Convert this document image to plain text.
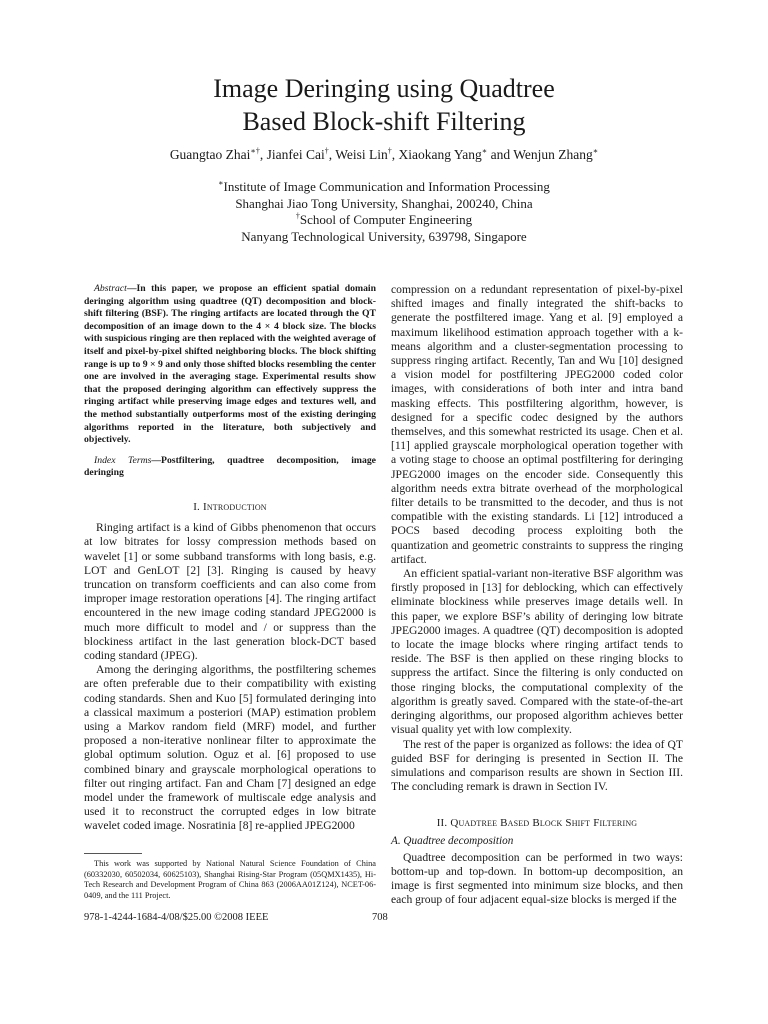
Image Deringing using Quadtree
Based Block-shift Filtering
Guangtao Zhai∗†, Jianfei Cai†, Weisi Lin†, Xiaokang Yang∗ and Wenjun Zhang∗
∗Institute of Image Communication and Information Processing
Shanghai Jiao Tong University, Shanghai, 200240, China
†School of Computer Engineering
Nanyang Technological University, 639798, Singapore

Abstract—In this paper, we propose an efficient spatial domain deringing algorithm using quadtree (QT) decomposition and block-shift filtering (BSF). The ringing artifacts are located through the QT decomposition of an image down to the 4 × 4 block size. The blocks with suspicious ringing are then replaced with the weighted average of itself and pixel-by-pixel shifted neighboring blocks. The block shifting range is up to 9 × 9 and only those shifted blocks resembling the center one are involved in the averaging stage. Experimental results show that the proposed deringing algorithm can effectively suppress the ringing artifact while preserving image edges and textures well, and the method substantially outperforms most of the existing deringing algorithms reported in the literature, both subjectively and objectively.

Index Terms—Postfiltering, quadtree decomposition, image deringing

I. Introduction

Ringing artifact is a kind of Gibbs phenomenon that occurs at low bitrates for lossy compression methods based on wavelet [1] or some subband transforms with long basis, e.g. LOT and GenLOT [2] [3]. Ringing is caused by heavy truncation on transform coefficients and can also come from improper image restoration operations [4]. The ringing artifact encountered in the new image coding standard JPEG2000 is much more difficult to model and / or suppress than the blockiness artifact in the last generation block-DCT based coding standard (JPEG).

Among the deringing algorithms, the postfiltering schemes are often preferable due to their compatibility with existing coding standards. Shen and Kuo [5] formulated deringing into a classical maximum a posteriori (MAP) estimation problem using a Markov random field (MRF) model, and further proposed a non-iterative nonlinear filter to approximate the global optimum solution. Oguz et al. [6] proposed to use combined binary and grayscale morphological operations to filter out ringing artifact. Fan and Cham [7] designed an edge model under the framework of multiscale edge analysis and used it to reconstruct the corrupted edges in low bitrate wavelet coded image. Nosratinia [8] re-applied JPEG2000

compression on a redundant representation of pixel-by-pixel shifted images and finally integrated the shift-backs to generate the postfiltered image. Yang et al. [9] employed a maximum likelihood estimation approach together with a k-means algorithm and a cluster-segmentation processing to suppress ringing artifact. Recently, Tan and Wu [10] designed a vision model for postfiltering JPEG2000 coded color images, with considerations of both inter and intra band masking effects. This postfiltering algorithm, however, is designed for a specific codec designed by the authors themselves, and this somewhat restricted its usage. Chen et al. [11] applied grayscale morphological operation together with a voting stage to choose an optimal postfiltering for deringing JPEG2000 images on the encoder side. Consequently this algorithm needs extra bitrate overhead of the morphological filter details to be transmitted to the decoder, and thus is not compatible with the existing standards. Li [12] introduced a POCS based decoding process exploiting both the quantization and geometric constraints to suppress the ringing artifact.

An efficient spatial-variant non-iterative BSF algorithm was firstly proposed in [13] for deblocking, which can effectively eliminate blockiness while preserves image details well. In this paper, we explore BSF’s ability of deringing low bitrate JPEG2000 images. A quadtree (QT) decomposition is adopted to locate the image blocks where ringing artifact tends to reside. The BSF is then applied on these ringing blocks to suppress the artifact. Since the filtering is only conducted on those ringing blocks, the computational complexity of the algorithm is greatly saved. Compared with the state-of-the-art deringing algorithms, our proposed algorithm achieves better visual quality yet with low complexity.

The rest of the paper is organized as follows: the idea of QT guided BSF for deringing is presented in Section II. The simulations and comparison results are shown in Section III. The concluding remark is drawn in Section IV.

II. Quadtree Based Block Shift Filtering
A. Quadtree decomposition

Quadtree decomposition can be performed in two ways: bottom-up and top-down. In bottom-up decomposition, an image is first segmented into minimum size blocks, and then each group of four adjacent equal-size blocks is merged if the

This work was supported by National Natural Science Foundation of China (60332030, 60502034, 60625103), Shanghai Rising-Star Program (05QMX1435), Hi-Tech Research and Development Program of China 863 (2006AA01Z124), NCET-06-0409, and the 111 Project.
978-1-4244-1684-4/08/$25.00 ©2008 IEEE	708
